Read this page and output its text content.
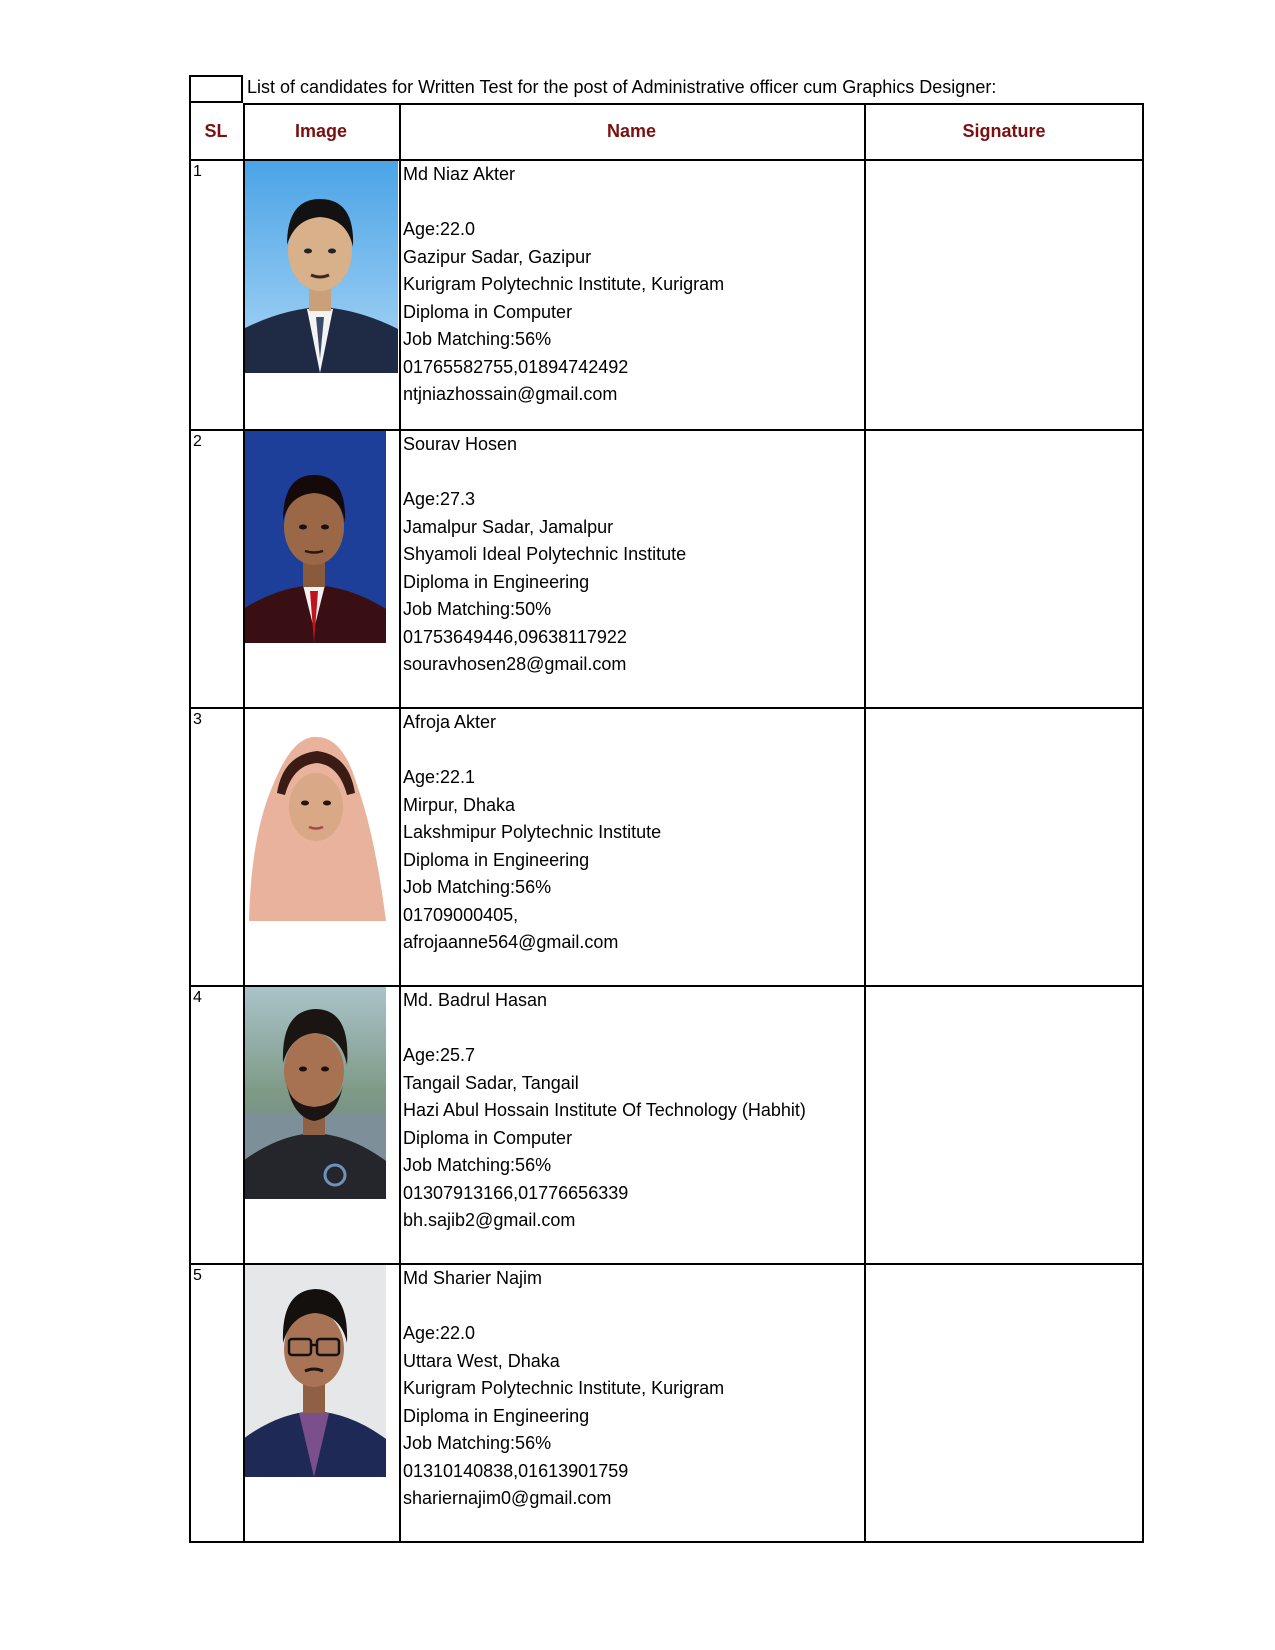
List of candidates for Written Test for the post of Administrative officer cum Graphics Designer:
SL	Image	Name	Signature
1	Md Niaz Akter
Age:22.0
Gazipur Sadar, Gazipur
Kurigram Polytechnic Institute, Kurigram
Diploma in Computer
Job Matching:56%
01765582755,01894742492
ntjniazhossain@gmail.com
2	Sourav Hosen
Age:27.3
Jamalpur Sadar, Jamalpur
Shyamoli Ideal Polytechnic Institute
Diploma in Engineering
Job Matching:50%
01753649446,09638117922
souravhosen28@gmail.com
3	Afroja Akter
Age:22.1
Mirpur, Dhaka
Lakshmipur Polytechnic Institute
Diploma in Engineering
Job Matching:56%
01709000405,
afrojaanne564@gmail.com
4	Md. Badrul Hasan
Age:25.7
Tangail Sadar, Tangail
Hazi Abul Hossain Institute Of Technology (Habhit)
Diploma in Computer
Job Matching:56%
01307913166,01776656339
bh.sajib2@gmail.com
5	Md Sharier Najim
Age:22.0
Uttara West, Dhaka
Kurigram Polytechnic Institute, Kurigram
Diploma in Engineering
Job Matching:56%
01310140838,01613901759
shariernajim0@gmail.com
